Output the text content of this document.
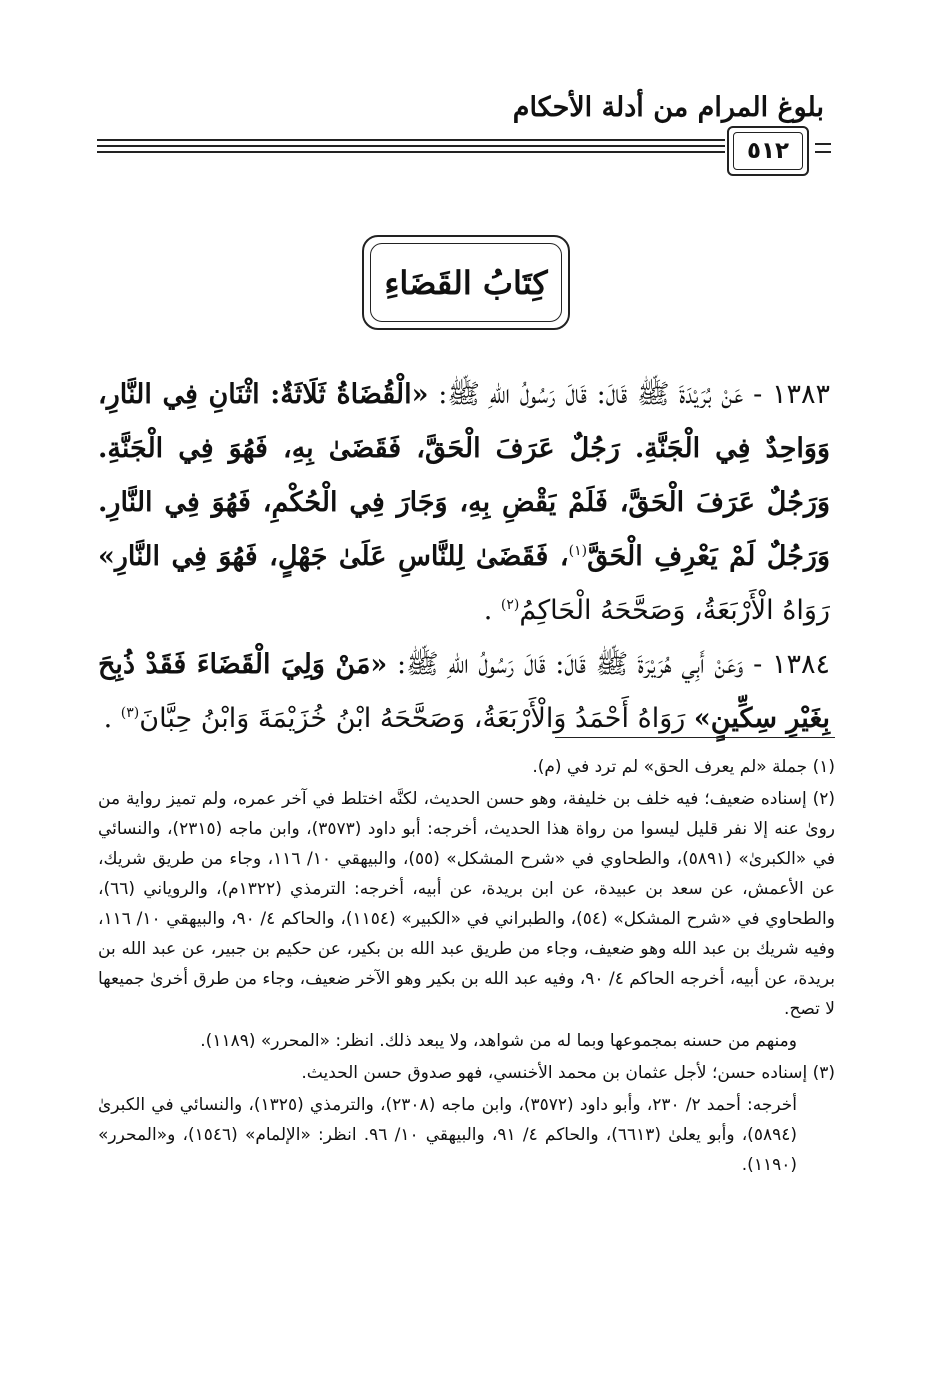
بلوغ المرام من أدلة الأحكام
٥١٢
كِتَابُ القَضَاءِ

١٣٨٣ - عَنْ بُرَيْدَةَ ﷺ قَالَ: قَالَ رَسُولُ اللهِ ﷺ: «الْقُضَاةُ ثَلَاثَةٌ: اثْنَانِ فِي النَّارِ، وَوَاحِدٌ فِي الْجَنَّةِ. رَجُلٌ عَرَفَ الْحَقَّ، فَقَضَىٰ بِهِ، فَهُوَ فِي الْجَنَّةِ. وَرَجُلٌ عَرَفَ الْحَقَّ، فَلَمْ يَقْضِ بِهِ، وَجَارَ فِي الْحُكْمِ، فَهُوَ فِي النَّارِ. وَرَجُلٌ لَمْ يَعْرِفِ الْحَقَّ$^{(١)}$، فَقَضَىٰ لِلنَّاسِ عَلَىٰ جَهْلٍ، فَهُوَ فِي النَّارِ» رَوَاهُ الْأَرْبَعَةُ، وَصَحَّحَهُ الْحَاكِمُ$^{(٢)}$ .

١٣٨٤ - وَعَنْ أَبِي هُرَيْرَةَ ﷺ قَالَ: قَالَ رَسُولُ اللهِ ﷺ: «مَنْ وَلِيَ الْقَضَاءَ فَقَدْ ذُبِحَ بِغَيْرِ سِكِّينٍ» رَوَاهُ أَحْمَدُ وَالْأَرْبَعَةُ، وَصَحَّحَهُ ابْنُ خُزَيْمَةَ وَابْنُ حِبَّانَ$^{(٣)}$ .

(١) جملة «لم يعرف الحق» لم ترد في (م).

(٢) إسناده ضعيف؛ فيه خلف بن خليفة، وهو حسن الحديث، لكنَّه اختلط في آخر عمره، ولم تميز رواية من روىٰ عنه إلا نفر قليل ليسوا من رواة هذا الحديث، أخرجه: أبو داود (٣٥٧٣)، وابن ماجه (٢٣١٥)، والنسائي في «الكبرىٰ» (٥٨٩١)، والطحاوي في «شرح المشكل» (٥٥)، والبيهقي ١٠/ ١١٦، وجاء من طريق شريك، عن الأعمش، عن سعد بن عبيدة، عن ابن بريدة، عن أبيه، أخرجه: الترمذي (١٣٢٢م)، والروياني (٦٦)، والطحاوي في «شرح المشكل» (٥٤)، والطبراني في «الكبير» (١١٥٤)، والحاكم ٤/ ٩٠، والبيهقي ١٠/ ١١٦، وفيه شريك بن عبد الله وهو ضعيف، وجاء من طريق عبد الله بن بكير، عن حكيم بن جبير، عن عبد الله بن بريدة، عن أبيه، أخرجه الحاكم ٤/ ٩٠، وفيه عبد الله بن بكير وهو الآخر ضعيف، وجاء من طرق أخرىٰ جميعها لا تصح.

ومنهم من حسنه بمجموعها وبما له من شواهد، ولا يبعد ذلك. انظر: «المحرر» (١١٨٩).

(٣) إسناده حسن؛ لأجل عثمان بن محمد الأخنسي، فهو صدوق حسن الحديث.

أخرجه: أحمد ٢/ ٢٣٠، وأبو داود (٣٥٧٢)، وابن ماجه (٢٣٠٨)، والترمذي (١٣٢٥)، والنسائي في الكبرىٰ (٥٨٩٤)، وأبو يعلىٰ (٦٦١٣)، والحاكم ٤/ ٩١، والبيهقي ١٠/ ٩٦. انظر: «الإلمام» (١٥٤٦)، و«المحرر» (١١٩٠).
